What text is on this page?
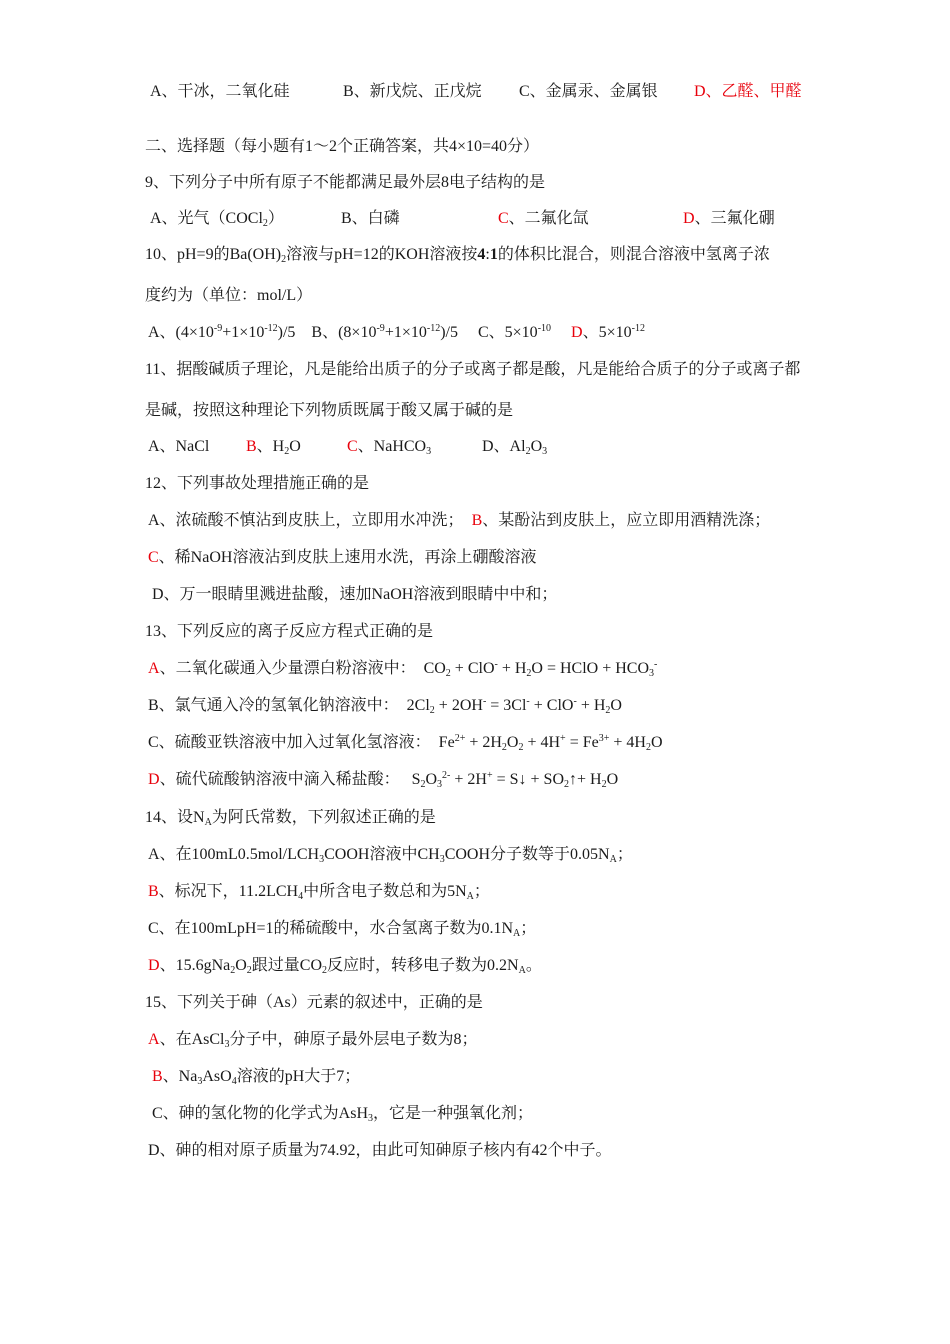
A、干冰，二氧化硅	B、新戊烷、正戊烷 C、金属汞、金属银 D、乙醛、甲醛
二、选择题（每小题有1～2个正确答案，共4×10=40分）
9、下列分子中所有原子不能都满足最外层8电子结构的是
A、光气（COCl$_2$）	B、白磷	C、二氟化氙	D、三氟化硼
10、pH=9的$Ba(OH)_2$溶液与pH=12的KOH溶液按4:1的体积比混合，则混合溶液中氢离子浓
度约为（单位：mol/L）
A、$(4\times 10^{-9}+1\times 10^{-12})/5$    B、$(8\times 10^{-9}+1\times 10^{-12})/5$     C、$5\times 10^{-10}$ D、$5\times 10^{-12}$
11、据酸碱质子理论，凡是能给出质子的分子或离子都是酸，凡是能给合质子的分子或离子都
是碱，按照这种理论下列物质既属于酸又属于碱的是
A、NaCl B、$H_2O$	C、NaHCO$_3$	D、$Al_2O_3$
12、下列事故处理措施正确的是
A、浓硫酸不慎沾到皮肤上，立即用水冲洗； B、某酚沾到皮肤上，应立即用酒精洗涤；
C、稀NaOH溶液沾到皮肤上速用水洗，再涂上硼酸溶液
D、万一眼睛里溅进盐酸，速加NaOH溶液到眼睛中中和；
13、下列反应的离子反应方程式正确的是
A、二氧化碳通入少量漂白粉溶液中：  $CO_2 + ClO^- + H_2O$ = HClO + $HCO_3^-$
B、氯气通入冷的氢氧化钠溶液中：  $2Cl_2 + 2OH^- = 3Cl^- + ClO^- + H_2O$
C、硫酸亚铁溶液中加入过氧化氢溶液：  $Fe^{2+} + 2H_2O_2 + 4H^+ = Fe^{3+} + 4H_2O$
D、硫代硫酸钠溶液中滴入稀盐酸：   $S_2O_3^{2-} + 2H^+$ = S↓ + $SO_2↑+ H_2O$
14、设$N_A$为阿氏常数，下列叙述正确的是
A、在$100mL0.5mol/LCH_3COOH$溶液中$CH_3COOH$分子数等于$0.05N_A$；
B、标况下，$11.2LCH_4$中所含电子数总和为$5N_A$；
C、在100mLpH=1的稀硫酸中，水合氢离子数为$0.1N_A$；
D、$15.6gNa_2O_2$跟过量$CO_2$反应时，转移电子数为$0.2N_A$。
15、下列关于砷（As）元素的叙述中，正确的是
A、在AsCl$_3$分子中，砷原子最外层电子数为8；
B、$Na_3AsO_4$溶液的pH大于7；
C、砷的氢化物的化学式为AsH$_3$，它是一种强氧化剂；
D、砷的相对原子质量为74.92，由此可知砷原子核内有42个中子。
